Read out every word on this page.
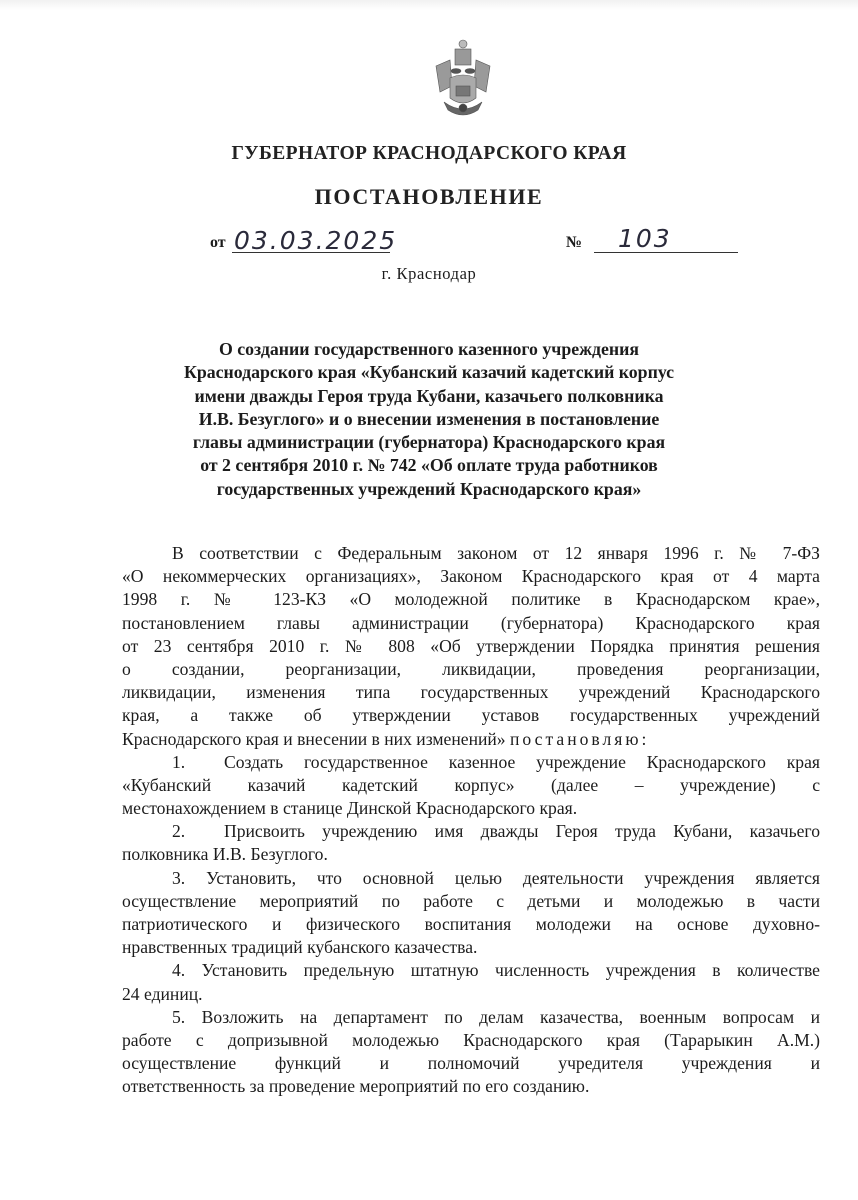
ГУБЕРНАТОР КРАСНОДАРСКОГО КРАЯ
ПОСТАНОВЛЕНИЕ
от 03.03.2025	№ 103
г. Краснодар
О создании государственного казенного учреждения
Краснодарского края «Кубанский казачий кадетский корпус
имени дважды Героя труда Кубани, казачьего полковника
И.В. Безуглого» и о внесении изменения в постановление
главы администрации (губернатора) Краснодарского края
от 2 сентября 2010 г. № 742 «Об оплате труда работников
государственных учреждений Краснодарского края»
В соответствии с Федеральным законом от 12 января 1996 г. № 7-ФЗ
«О некоммерческих организациях», Законом Краснодарского края от 4 марта
1998 г. № 123-КЗ «О молодежной политике в Краснодарском крае»,
постановлением главы администрации (губернатора) Краснодарского края
от 23 сентября 2010 г. № 808 «Об утверждении Порядка принятия решения
о создании, реорганизации, ликвидации, проведения реорганизации,
ликвидации, изменения типа государственных учреждений Краснодарского
края, а также об утверждении уставов государственных учреждений
Краснодарского края и внесении в них изменений» постановляю:
1. Создать государственное казенное учреждение Краснодарского края
«Кубанский казачий кадетский корпус» (далее – учреждение) с
местонахождением в станице Динской Краснодарского края.
2. Присвоить учреждению имя дважды Героя труда Кубани, казачьего
полковника И.В. Безуглого.
3. Установить, что основной целью деятельности учреждения является
осуществление мероприятий по работе с детьми и молодежью в части
патриотического и физического воспитания молодежи на основе духовно-
нравственных традиций кубанского казачества.
4. Установить предельную штатную численность учреждения в количестве
24 единиц.
5. Возложить на департамент по делам казачества, военным вопросам и
работе с допризывной молодежью Краснодарского края (Тарарыкин А.М.)
осуществление функций и полномочий учредителя учреждения и
ответственность за проведение мероприятий по его созданию.
